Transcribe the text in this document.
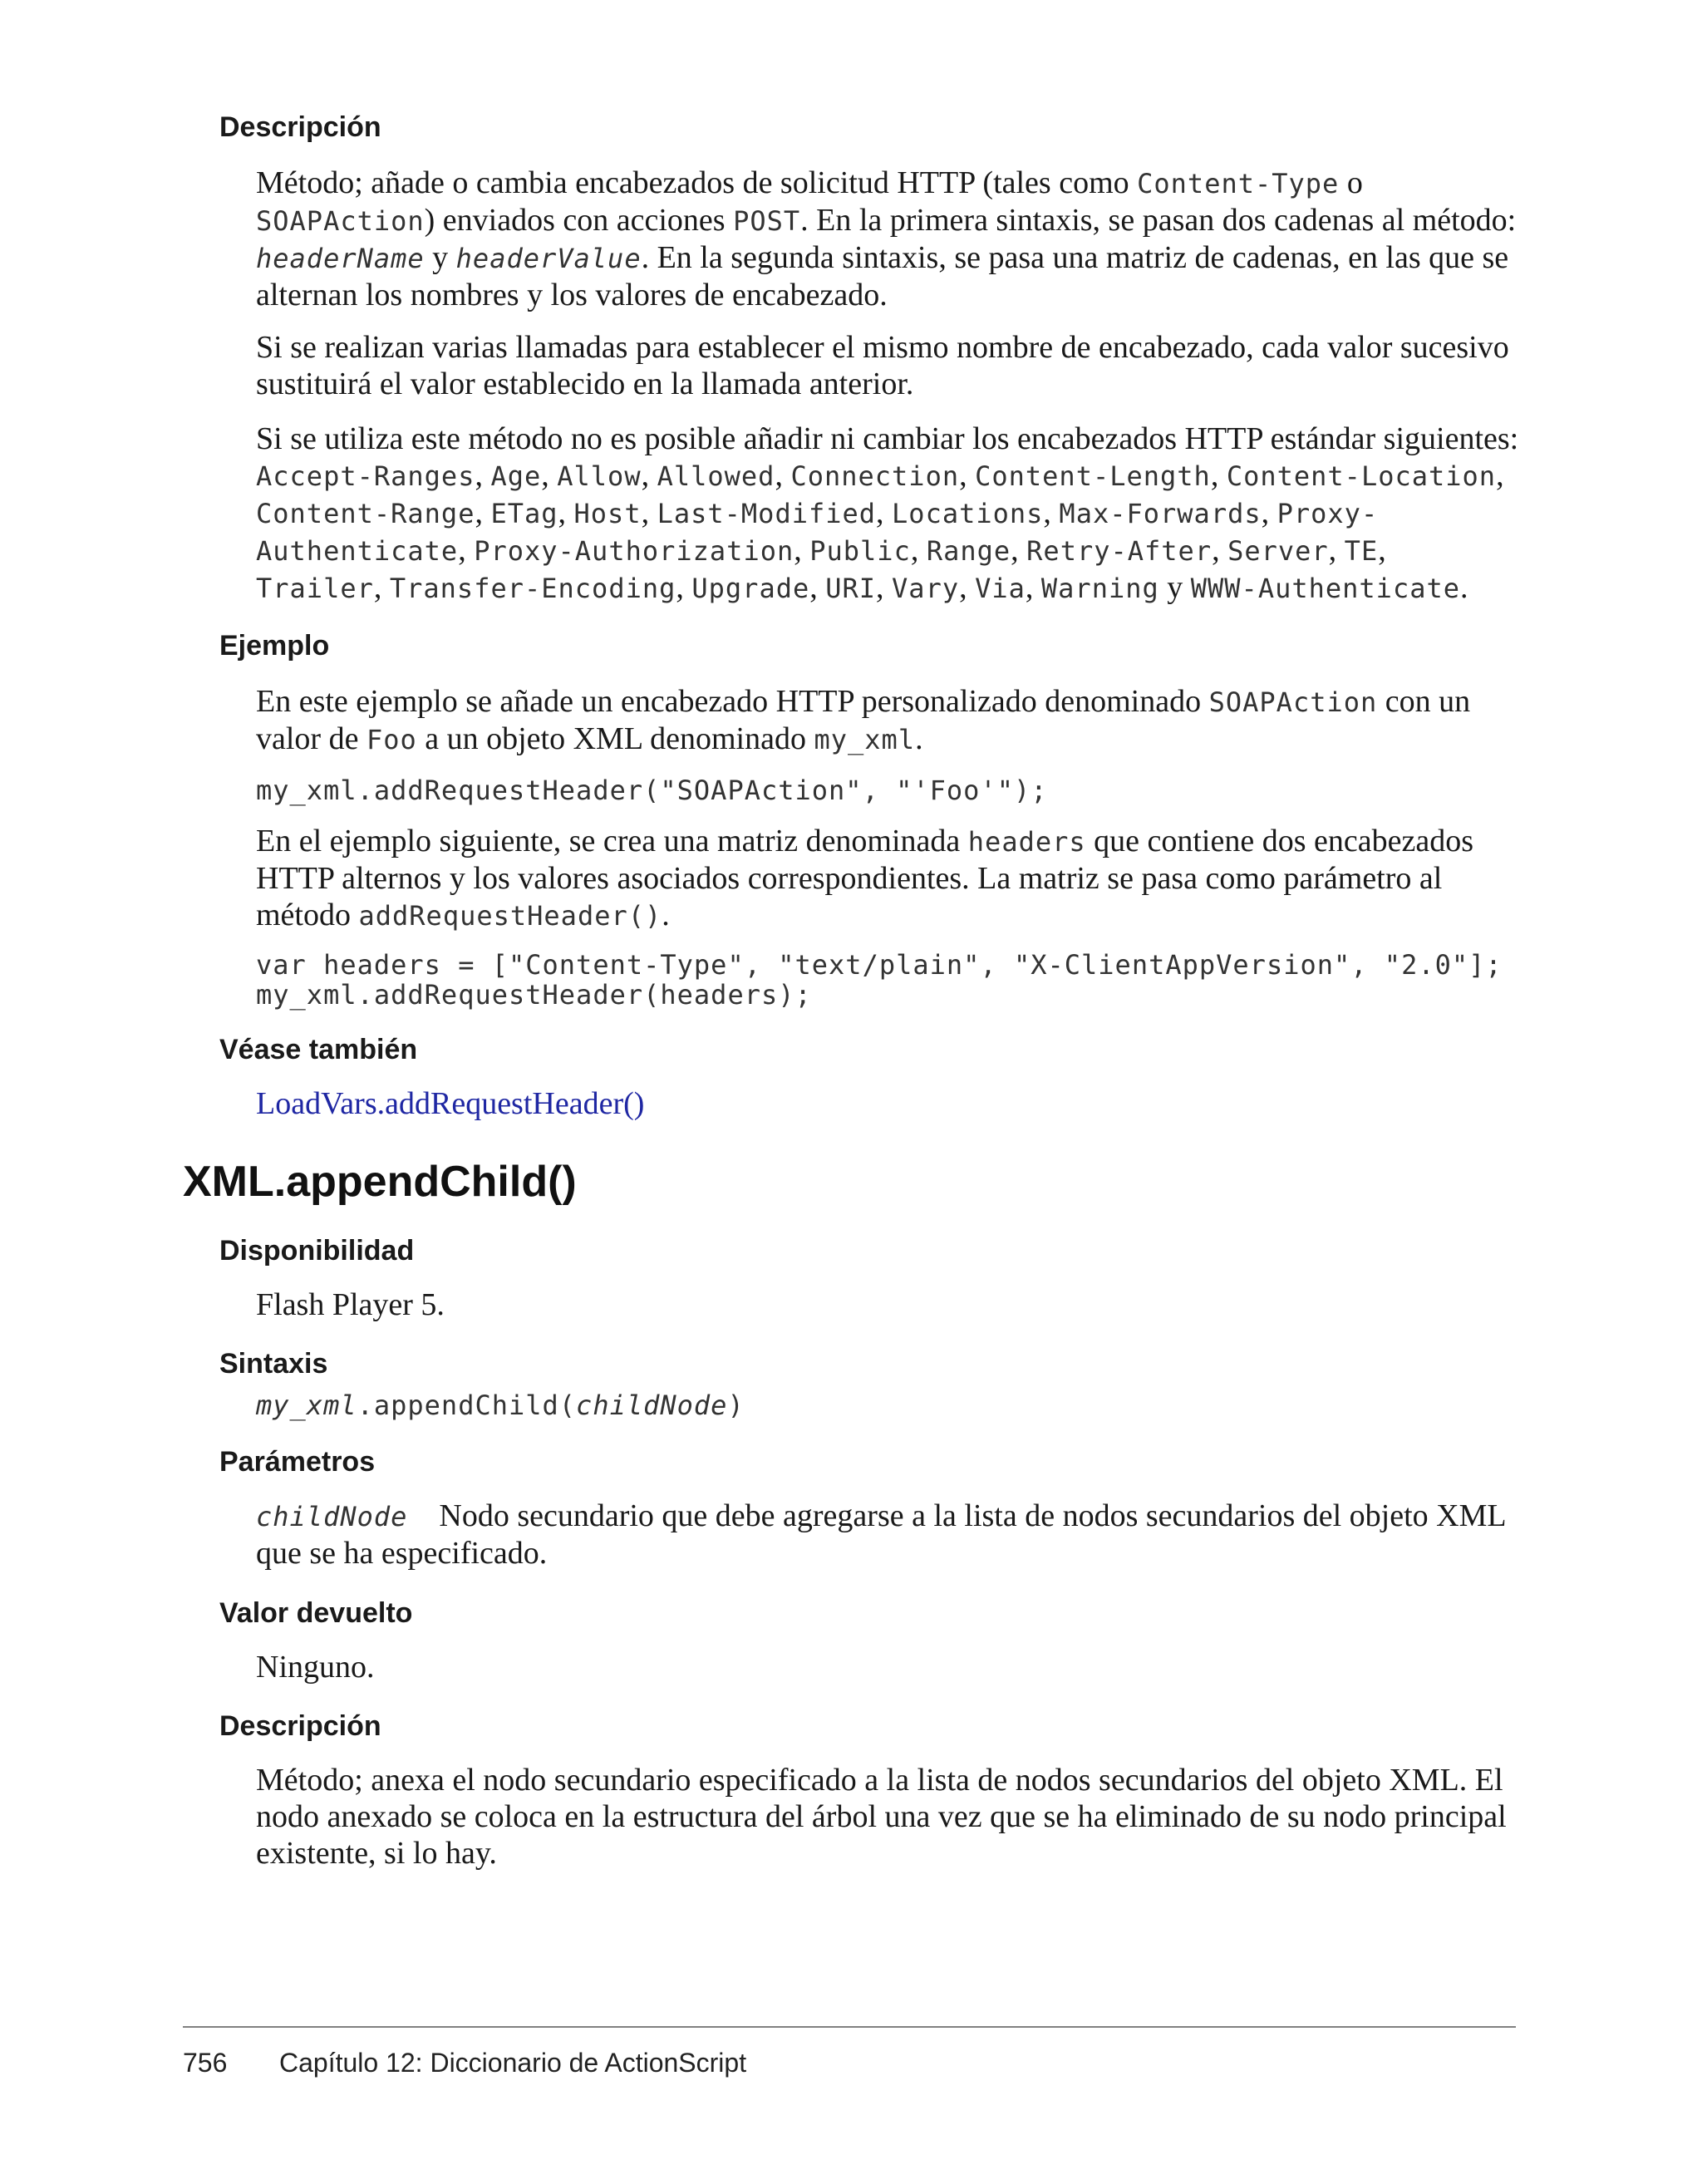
Descripción

Método; añade o cambia encabezados de solicitud HTTP (tales como Content-Type o SOAPAction) enviados con acciones POST. En la primera sintaxis, se pasan dos cadenas al método: headerName y headerValue. En la segunda sintaxis, se pasa una matriz de cadenas, en las que se alternan los nombres y los valores de encabezado.

Si se realizan varias llamadas para establecer el mismo nombre de encabezado, cada valor sucesivo sustituirá el valor establecido en la llamada anterior.

Si se utiliza este método no es posible añadir ni cambiar los encabezados HTTP estándar siguientes: Accept-Ranges, Age, Allow, Allowed, Connection, Content-Length, Content-Location, Content-Range, ETag, Host, Last-Modified, Locations, Max-Forwards, Proxy-Authenticate, Proxy-Authorization, Public, Range, Retry-After, Server, TE, Trailer, Transfer-Encoding, Upgrade, URI, Vary, Via, Warning y WWW-Authenticate.

Ejemplo

En este ejemplo se añade un encabezado HTTP personalizado denominado SOAPAction con un valor de Foo a un objeto XML denominado my_xml.

my_xml.addRequestHeader("SOAPAction", "'Foo'");

En el ejemplo siguiente, se crea una matriz denominada headers que contiene dos encabezados HTTP alternos y los valores asociados correspondientes. La matriz se pasa como parámetro al método addRequestHeader().

var headers = ["Content-Type", "text/plain", "X-ClientAppVersion", "2.0"];
my_xml.addRequestHeader(headers);
Véase también
LoadVars.addRequestHeader()
XML.appendChild()
Disponibilidad

Flash Player 5.

Sintaxis
my_xml.appendChild(childNode)
Parámetros

childNode Nodo secundario que debe agregarse a la lista de nodos secundarios del objeto XML que se ha especificado.

Valor devuelto

Ninguno.

Descripción

Método; anexa el nodo secundario especificado a la lista de nodos secundarios del objeto XML. El nodo anexado se coloca en la estructura del árbol una vez que se ha eliminado de su nodo principal existente, si lo hay.

756 Capítulo 12: Diccionario de ActionScript
